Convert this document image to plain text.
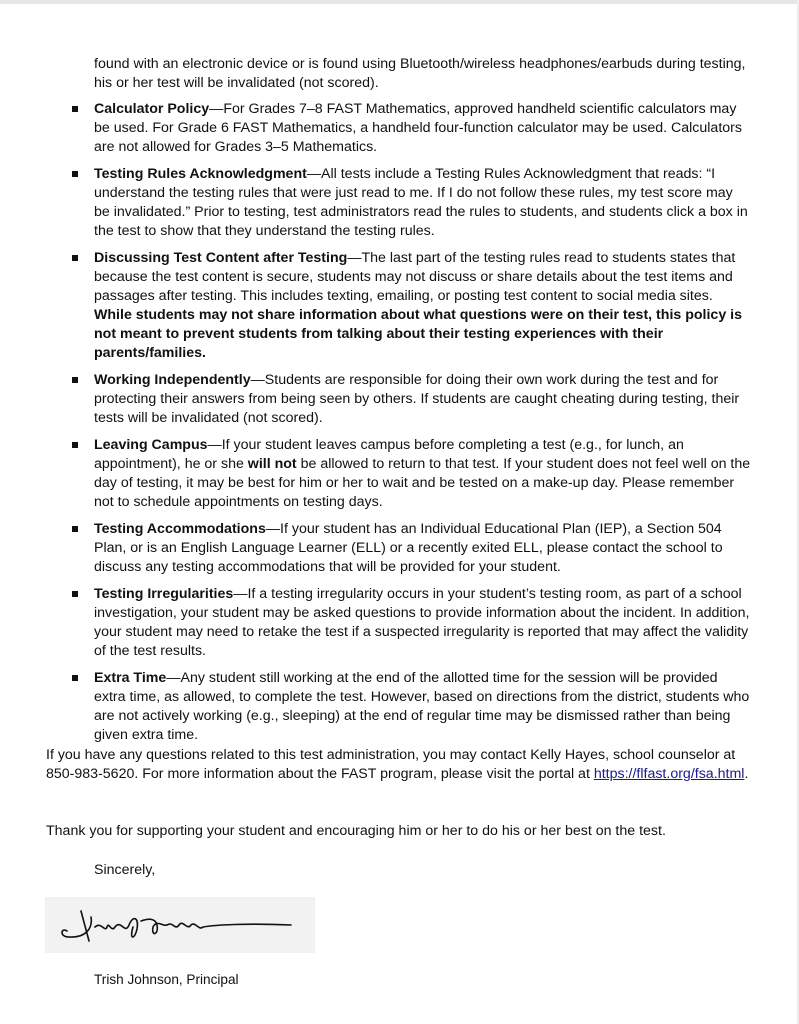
found with an electronic device or is found using Bluetooth/wireless headphones/earbuds during testing, his or her test will be invalidated (not scored).

Calculator Policy—For Grades 7–8 FAST Mathematics, approved handheld scientific calculators may be used. For Grade 6 FAST Mathematics, a handheld four-function calculator may be used. Calculators are not allowed for Grades 3–5 Mathematics.
Testing Rules Acknowledgment—All tests include a Testing Rules Acknowledgment that reads: “I understand the testing rules that were just read to me. If I do not follow these rules, my test score may be invalidated.” Prior to testing, test administrators read the rules to students, and students click a box in the test to show that they understand the testing rules.
Discussing Test Content after Testing—The last part of the testing rules read to students states that because the test content is secure, students may not discuss or share details about the test items and passages after testing. This includes texting, emailing, or posting test content to social media sites. While students may not share information about what questions were on their test, this policy is not meant to prevent students from talking about their testing experiences with their parents/families.
Working Independently—Students are responsible for doing their own work during the test and for protecting their answers from being seen by others. If students are caught cheating during testing, their tests will be invalidated (not scored).
Leaving Campus—If your student leaves campus before completing a test (e.g., for lunch, an appointment), he or she will not be allowed to return to that test. If your student does not feel well on the day of testing, it may be best for him or her to wait and be tested on a make-up day. Please remember not to schedule appointments on testing days.
Testing Accommodations—If your student has an Individual Educational Plan (IEP), a Section 504 Plan, or is an English Language Learner (ELL) or a recently exited ELL, please contact the school to discuss any testing accommodations that will be provided for your student.
Testing Irregularities—If a testing irregularity occurs in your student’s testing room, as part of a school investigation, your student may be asked questions to provide information about the incident. In addition, your student may need to retake the test if a suspected irregularity is reported that may affect the validity of the test results.
Extra Time—Any student still working at the end of the allotted time for the session will be provided extra time, as allowed, to complete the test. However, based on directions from the district, students who are not actively working (e.g., sleeping) at the end of regular time may be dismissed rather than being given extra time.

If you have any questions related to this test administration, you may contact Kelly Hayes, school counselor at 850-983-5620. For more information about the FAST program, please visit the portal at https://flfast.org/fsa.html.

Thank you for supporting your student and encouraging him or her to do his or her best on the test.

Sincerely,

Trish Johnson, Principal
